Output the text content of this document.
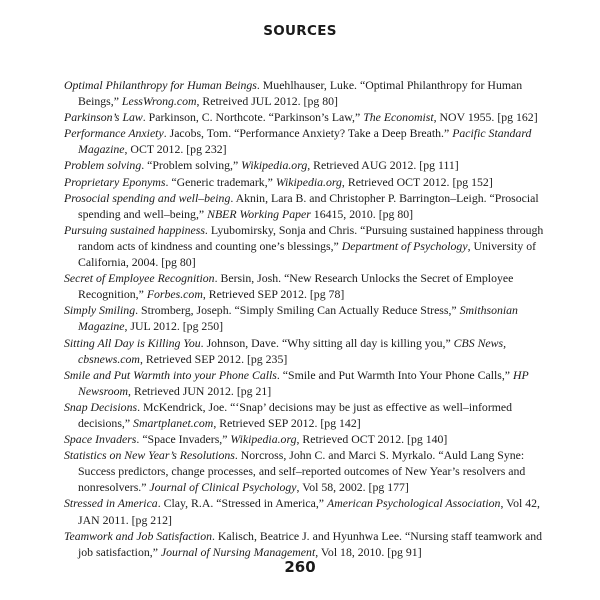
SOURCES

Optimal Philanthropy for Human Beings. Muehlhauser, Luke. “Optimal Philanthropy for Human Beings,” LessWrong.com, Retreived JUL 2012. [pg 80]

Parkinson’s Law. Parkinson, C. Northcote. “Parkinson’s Law,” The Economist, NOV 1955. [pg 162]

Performance Anxiety. Jacobs, Tom. “Performance Anxiety? Take a Deep Breath.” Pacific Standard Magazine, OCT 2012. [pg 232]

Problem solving. “Problem solving,” Wikipedia.org, Retrieved AUG 2012. [pg 111]

Proprietary Eponyms. “Generic trademark,” Wikipedia.org, Retrieved OCT 2012. [pg 152]

Prosocial spending and well–being. Aknin, Lara B. and Christopher P. Barrington–Leigh. “Prosocial spending and well–being,” NBER Working Paper 16415, 2010. [pg 80]

Pursuing sustained happiness. Lyubomirsky, Sonja and Chris. “Pursuing sustained happiness through random acts of kindness and counting one’s blessings,” Department of Psychology, University of California, 2004. [pg 80]

Secret of Employee Recognition. Bersin, Josh. “New Research Unlocks the Secret of Employee Recognition,” Forbes.com, Retrieved SEP 2012. [pg 78]

Simply Smiling. Stromberg, Joseph. “Simply Smiling Can Actually Reduce Stress,” Smithsonian Magazine, JUL 2012. [pg 250]

Sitting All Day is Killing You. Johnson, Dave. “Why sitting all day is killing you,” CBS News, cbsnews.com, Retrieved SEP 2012. [pg 235]

Smile and Put Warmth into your Phone Calls. “Smile and Put Warmth Into Your Phone Calls,” HP Newsroom, Retrieved JUN 2012. [pg 21]

Snap Decisions. McKendrick, Joe. “‘Snap’ decisions may be just as effective as well–informed decisions,” Smartplanet.com, Retrieved SEP 2012. [pg 142]

Space Invaders. “Space Invaders,” Wikipedia.org, Retrieved OCT 2012. [pg 140]

Statistics on New Year’s Resolutions. Norcross, John C. and Marci S. Myrkalo. “Auld Lang Syne: Success predictors, change processes, and self–reported outcomes of New Year’s resolvers and nonresolvers.” Journal of Clinical Psychology, Vol 58, 2002. [pg 177]

Stressed in America. Clay, R.A. “Stressed in America,” American Psychological Association, Vol 42, JAN 2011. [pg 212]

Teamwork and Job Satisfaction. Kalisch, Beatrice J. and Hyunhwa Lee. “Nursing staff teamwork and job satisfaction,” Journal of Nursing Management, Vol 18, 2010. [pg 91]

260
